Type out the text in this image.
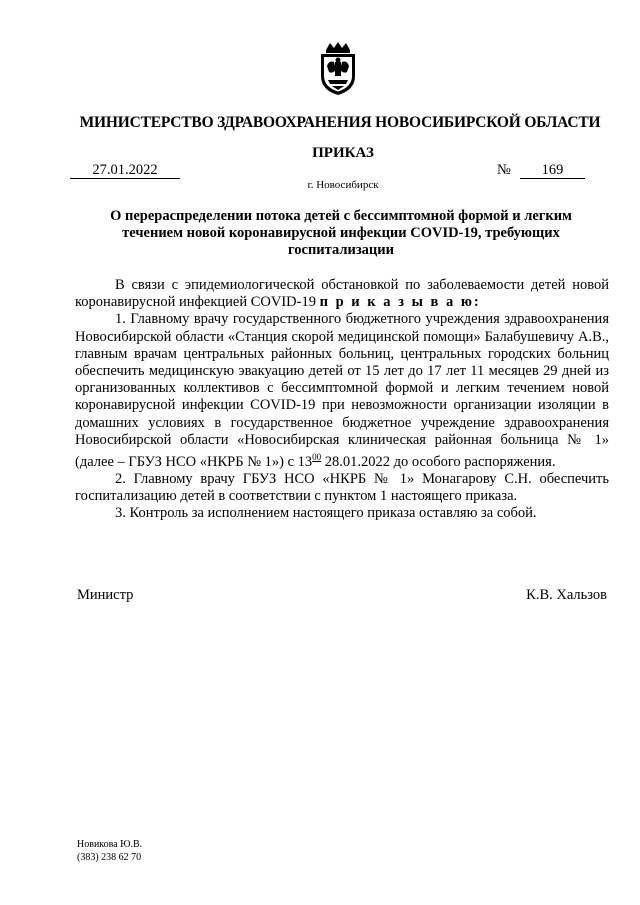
МИНИСТЕРСТВО ЗДРАВООХРАНЕНИЯ НОВОСИБИРСКОЙ ОБЛАСТИ
ПРИКАЗ
27.01.2022	№	169
г. Новосибирск
О перераспределении потока детей с бессимптомной формой и легким течением новой коронавирусной инфекции COVID-19, требующих госпитализации

В связи с эпидемиологической обстановкой по заболеваемости детей новой коронавирусной инфекцией COVID-19 п р и к а з ы в а ю:

1. Главному врачу государственного бюджетного учреждения здравоохранения Новосибирской области «Станция скорой медицинской помощи» Балабушевичу А.В., главным врачам центральных районных больниц, центральных городских больниц обеспечить медицинскую эвакуацию детей от 15 лет до 17 лет 11 месяцев 29 дней из организованных коллективов с бессимптомной формой и легким течением новой коронавирусной инфекции COVID-19 при невозможности организации изоляции в домашних условиях в государственное бюджетное учреждение здравоохранения Новосибирской области «Новосибирская клиническая районная больница № 1» (далее – ГБУЗ НСО «НКРБ № 1») с $13^{00}$ 28.01.2022 до особого распоряжения.

2. Главному врачу ГБУЗ НСО «НКРБ № 1» Монагарову С.Н. обеспечить госпитализацию детей в соответствии с пунктом 1 настоящего приказа.

3. Контроль за исполнением настоящего приказа оставляю за собой.

Министр	К.В. Хальзов
Новикова Ю.В.
(383) 238 62 70
